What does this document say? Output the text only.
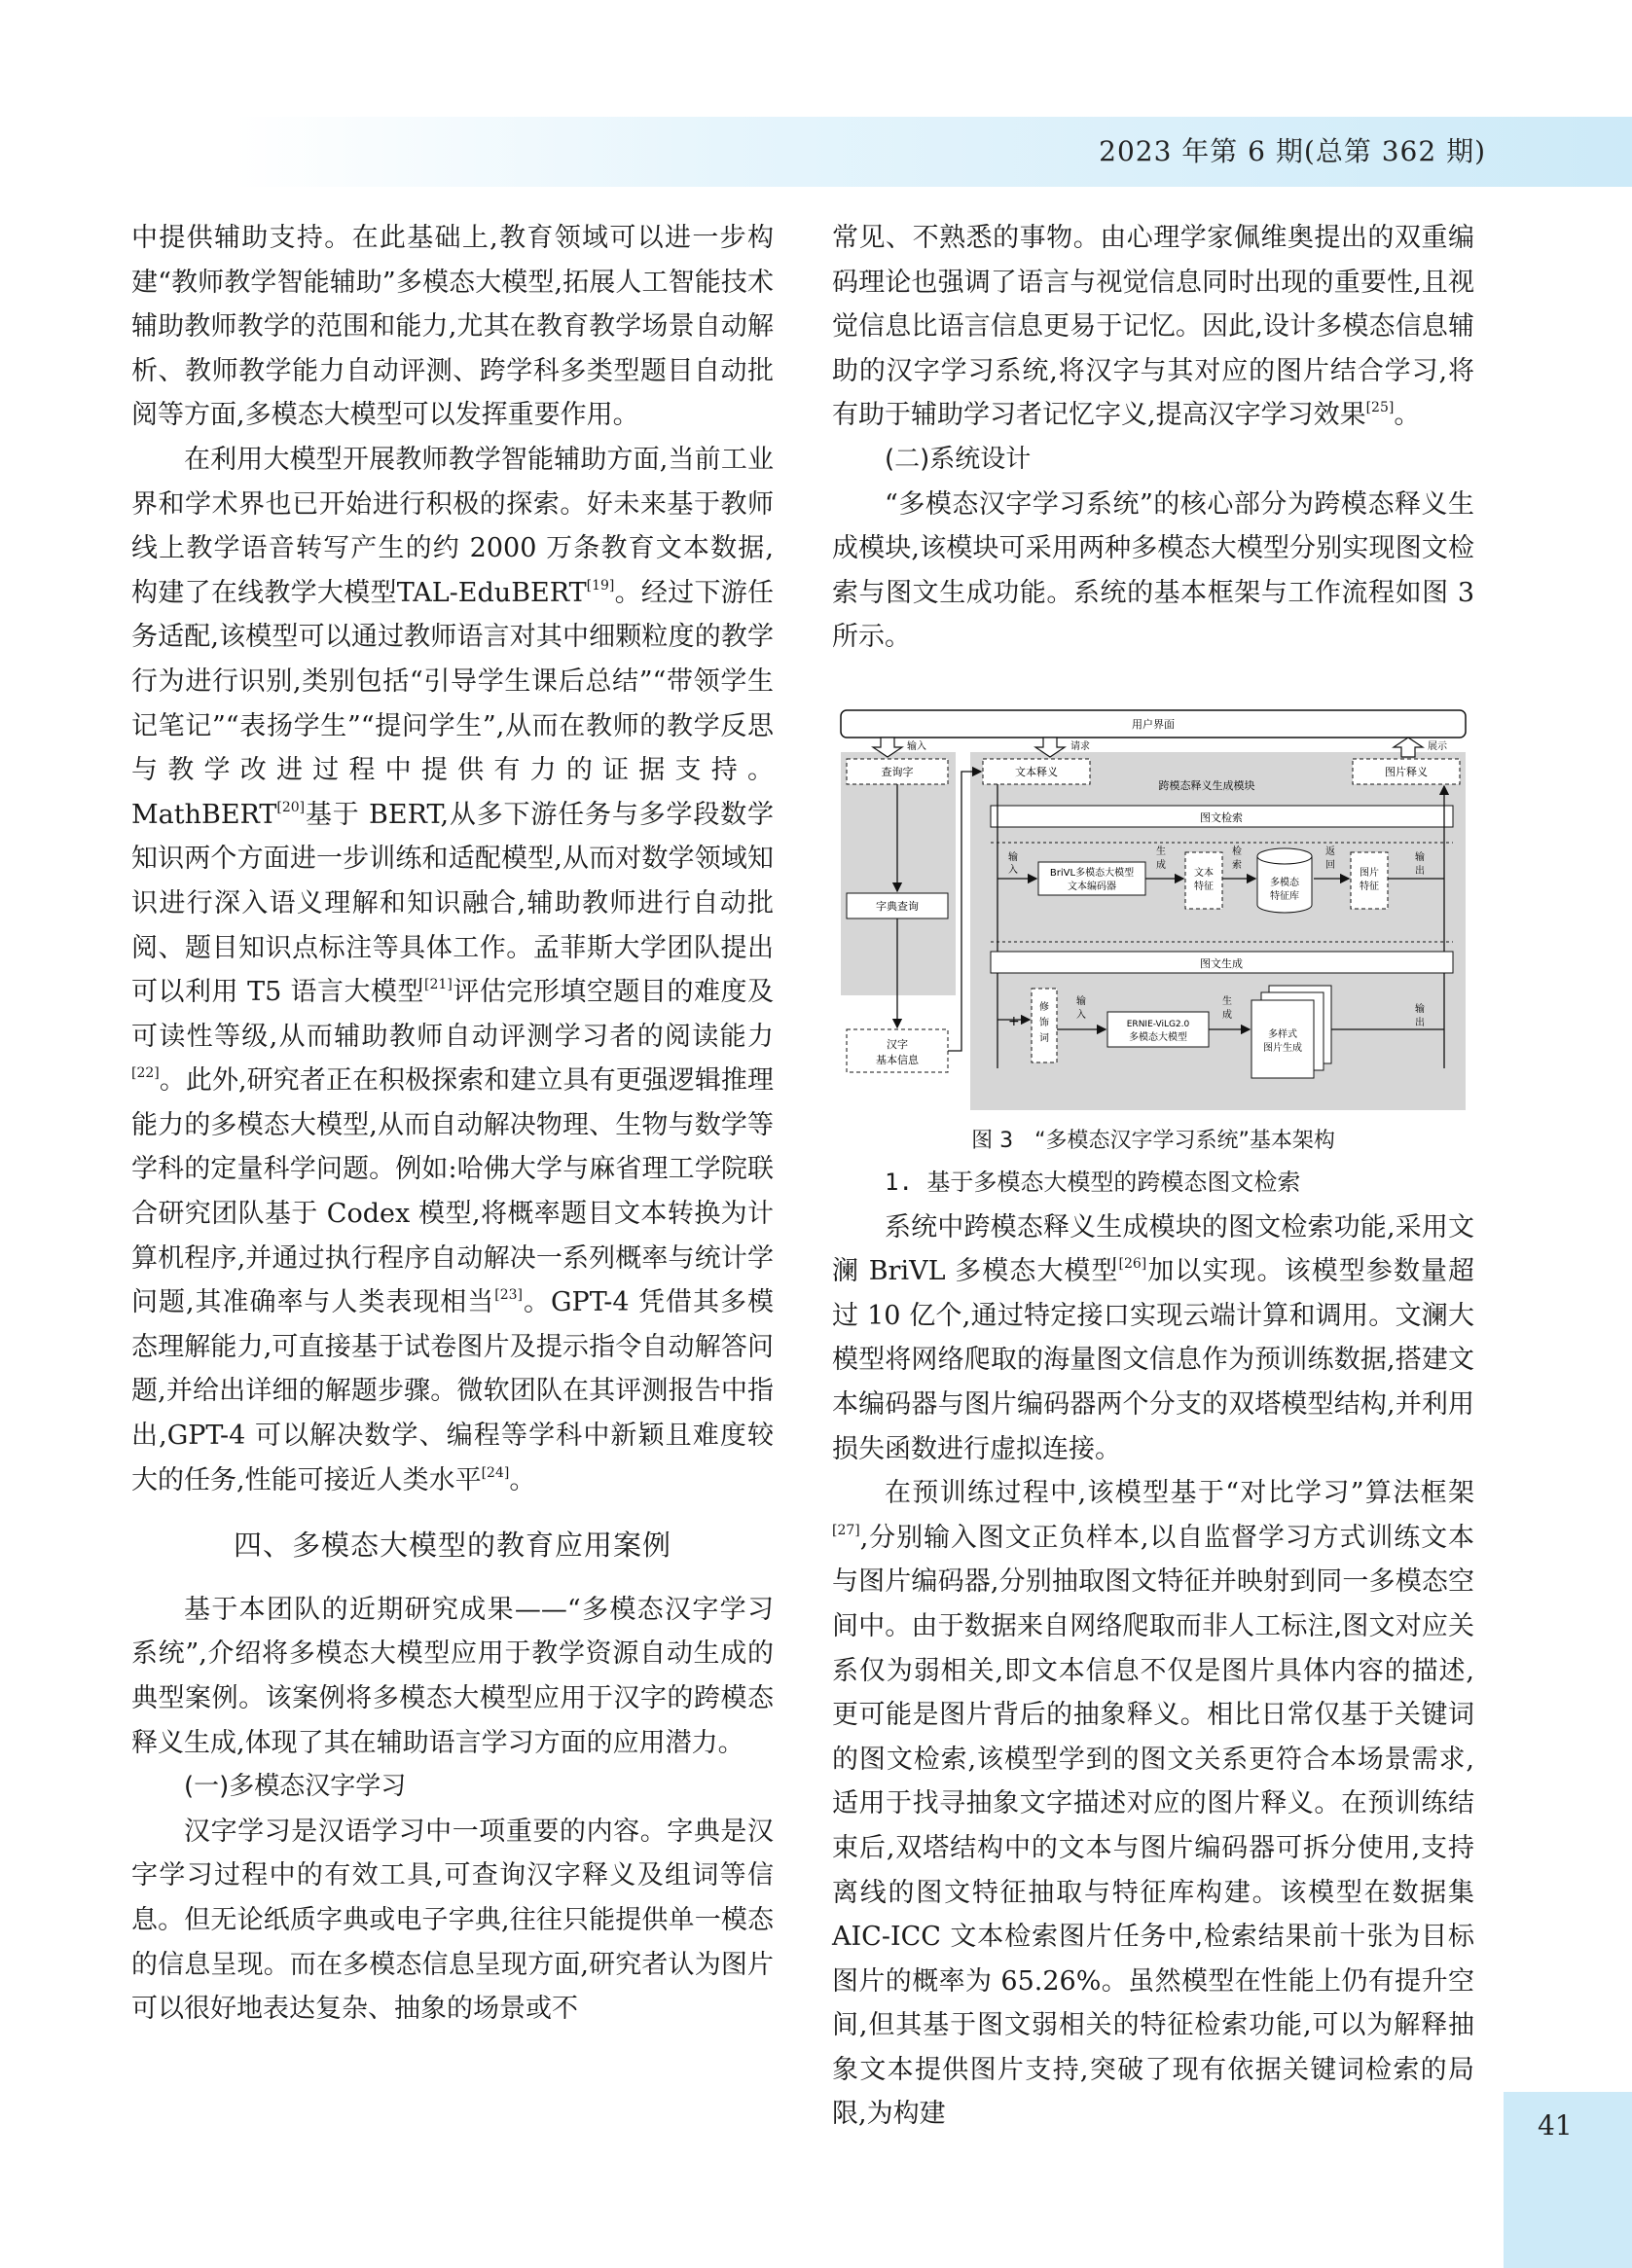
2023 年第 6 期(总第 362 期)
41

中提供辅助支持。在此基础上,教育领域可以进一步构建“教师教学智能辅助”多模态大模型,拓展人工智能技术辅助教师教学的范围和能力,尤其在教育教学场景自动解析、教师教学能力自动评测、跨学科多类型题目自动批阅等方面,多模态大模型可以发挥重要作用。

在利用大模型开展教师教学智能辅助方面,当前工业界和学术界也已开始进行积极的探索。好未来基于教师线上教学语音转写产生的约 2000 万条教育文本数据,构建了在线教学大模型TAL-EduBERT[19]。经过下游任务适配,该模型可以通过教师语言对其中细颗粒度的教学行为进行识别,类别包括“引导学生课后总结”“带领学生记笔记”“表扬学生”“提问学生”,从而在教师的教学反思与教学改进过程中提供有力的证据支持。MathBERT[20]基于 BERT,从多下游任务与多学段数学知识两个方面进一步训练和适配模型,从而对数学领域知识进行深入语义理解和知识融合,辅助教师进行自动批阅、题目知识点标注等具体工作。孟菲斯大学团队提出可以利用 T5 语言大模型[21]评估完形填空题目的难度及可读性等级,从而辅助教师自动评测学习者的阅读能力[22]。此外,研究者正在积极探索和建立具有更强逻辑推理能力的多模态大模型,从而自动解决物理、生物与数学等学科的定量科学问题。例如:哈佛大学与麻省理工学院联合研究团队基于 Codex 模型,将概率题目文本转换为计算机程序,并通过执行程序自动解决一系列概率与统计学问题,其准确率与人类表现相当[23]。GPT-4 凭借其多模态理解能力,可直接基于试卷图片及提示指令自动解答问题,并给出详细的解题步骤。微软团队在其评测报告中指出,GPT-4 可以解决数学、编程等学科中新颖且难度较大的任务,性能可接近人类水平[24]。

四、多模态大模型的教育应用案例

基于本团队的近期研究成果——“多模态汉字学习系统”,介绍将多模态大模型应用于教学资源自动生成的典型案例。该案例将多模态大模型应用于汉字的跨模态释义生成,体现了其在辅助语言学习方面的应用潜力。

(一)多模态汉字学习

汉字学习是汉语学习中一项重要的内容。字典是汉字学习过程中的有效工具,可查询汉字释义及组词等信息。但无论纸质字典或电子字典,往往只能提供单一模态的信息呈现。而在多模态信息呈现方面,研究者认为图片可以很好地表达复杂、抽象的场景或不

常见、不熟悉的事物。由心理学家佩维奥提出的双重编码理论也强调了语言与视觉信息同时出现的重要性,且视觉信息比语言信息更易于记忆。因此,设计多模态信息辅助的汉字学习系统,将汉字与其对应的图片结合学习,将有助于辅助学习者记忆字义,提高汉字学习效果[25]。

(二)系统设计

“多模态汉字学习系统”的核心部分为跨模态释义生成模块,该模块可采用两种多模态大模型分别实现图文检索与图文生成功能。系统的基本框架与工作流程如图 3 所示。

用户界面
输入	请求	展示
查询字	文本释义	图片释义
跨模态释义生成模块
字典查询
汉字
基本信息
图文检索
输
入	BriVL多模态大模型
文本编码器
生
成
文本
特征
检
索
多模态
特征库
返
回
图片
特征
输
出
图文生成
+
修
饰
词
输
入
ERNIE-ViLG2.0
多模态大模型
生
成
多样式
图片生成
输
出
图 3　“多模态汉字学习系统”基本架构
1. 基于多模态大模型的跨模态图文检索

系统中跨模态释义生成模块的图文检索功能,采用文澜 BriVL 多模态大模型[26]加以实现。该模型参数量超过 10 亿个,通过特定接口实现云端计算和调用。文澜大模型将网络爬取的海量图文信息作为预训练数据,搭建文本编码器与图片编码器两个分支的双塔模型结构,并利用损失函数进行虚拟连接。

在预训练过程中,该模型基于“对比学习”算法框架[27],分别输入图文正负样本,以自监督学习方式训练文本与图片编码器,分别抽取图文特征并映射到同一多模态空间中。由于数据来自网络爬取而非人工标注,图文对应关系仅为弱相关,即文本信息不仅是图片具体内容的描述,更可能是图片背后的抽象释义。相比日常仅基于关键词的图文检索,该模型学到的图文关系更符合本场景需求,适用于找寻抽象文字描述对应的图片释义。在预训练结束后,双塔结构中的文本与图片编码器可拆分使用,支持离线的图文特征抽取与特征库构建。该模型在数据集 AIC-ICC 文本检索图片任务中,检索结果前十张为目标图片的概率为 65.26%。虽然模型在性能上仍有提升空间,但其基于图文弱相关的特征检索功能,可以为解释抽象文本提供图片支持,突破了现有依据关键词检索的局限,为构建
